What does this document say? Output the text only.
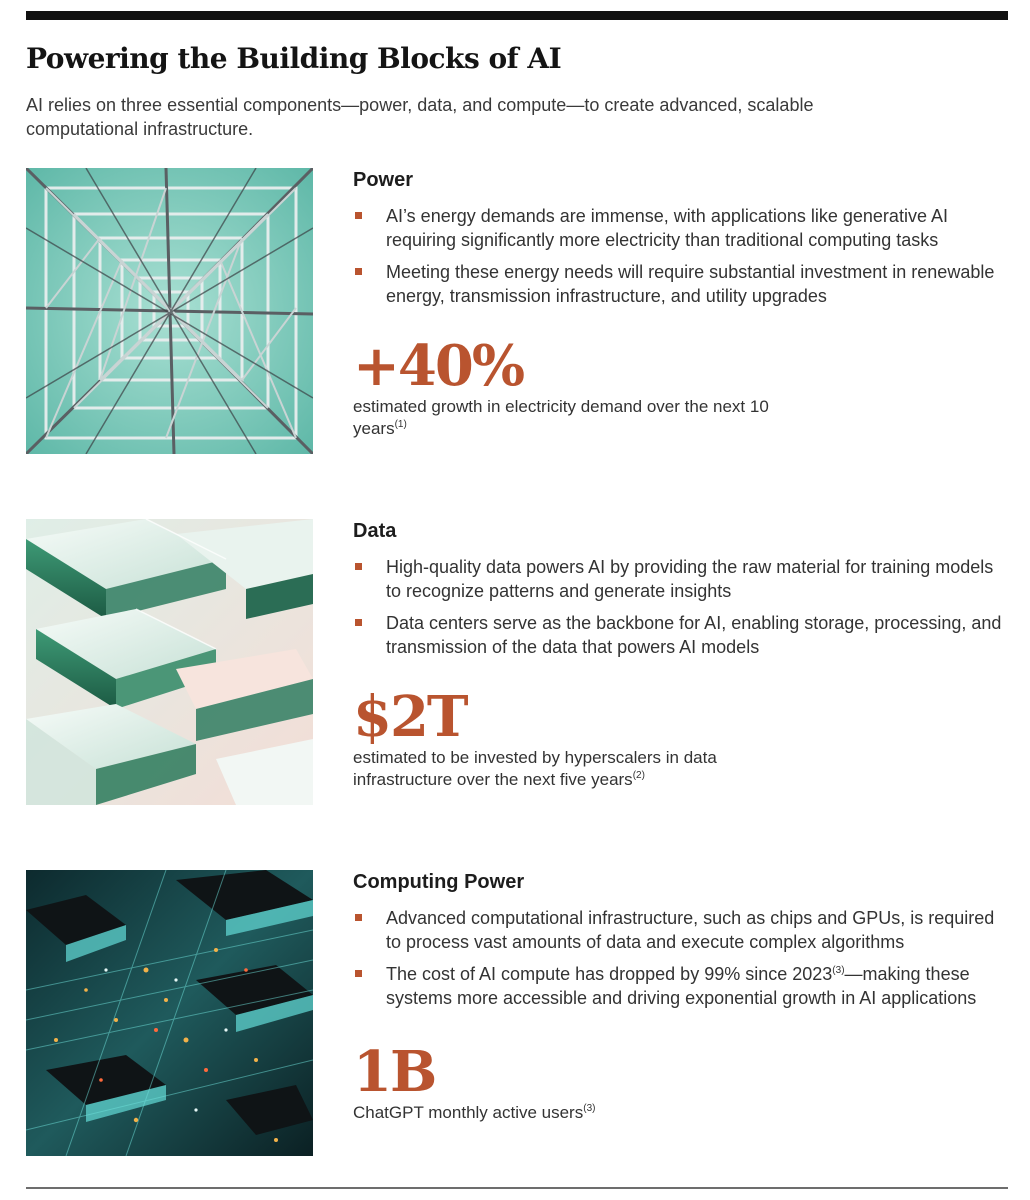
Powering the Building Blocks of AI

AI relies on three essential components—power, data, and compute—to create advanced, scalable computational infrastructure.

Power
AI’s energy demands are immense, with applications like generative AI requiring significantly more electricity than traditional computing tasks
Meeting these energy needs will require substantial investment in renewable energy, transmission infrastructure, and utility upgrades
+40%
estimated growth in electricity demand over the next 10 years$^{(1)}$
Data
High-quality data powers AI by providing the raw material for training models to recognize patterns and generate insights
Data centers serve as the backbone for AI, enabling storage, processing, and transmission of the data that powers AI models
$2T
estimated to be invested by hyperscalers in data infrastructure over the next five years$^{(2)}$
Computing Power
Advanced computational infrastructure, such as chips and GPUs, is required to process vast amounts of data and execute complex algorithms
The cost of AI compute has dropped by 99% since 2023$^{(3)}$—making these systems more accessible and driving exponential growth in AI applications
1B
ChatGPT monthly active users$^{(3)}$
